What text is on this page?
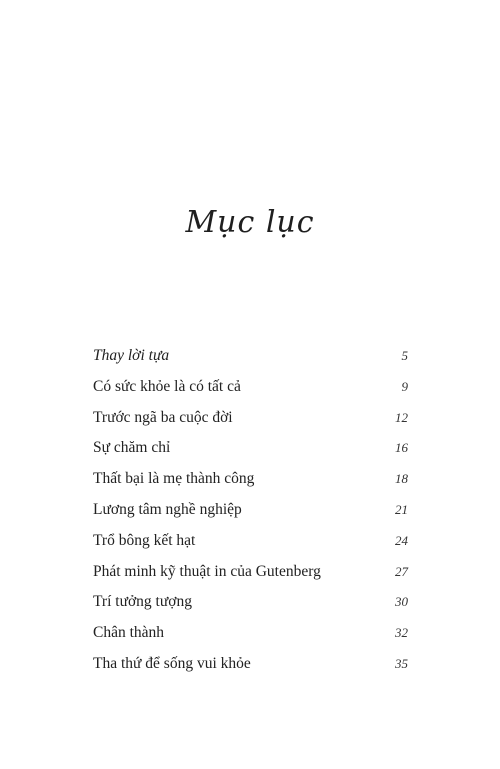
Mục lục
Thay lời tựa	5
Có sức khỏe là có tất cả	9
Trước ngã ba cuộc đời	12
Sự chăm chỉ	16
Thất bại là mẹ thành công	18
Lương tâm nghề nghiệp	21
Trổ bông kết hạt	24
Phát minh kỹ thuật in của Gutenberg	27
Trí tưởng tượng	30
Chân thành	32
Tha thứ để sống vui khỏe	35
